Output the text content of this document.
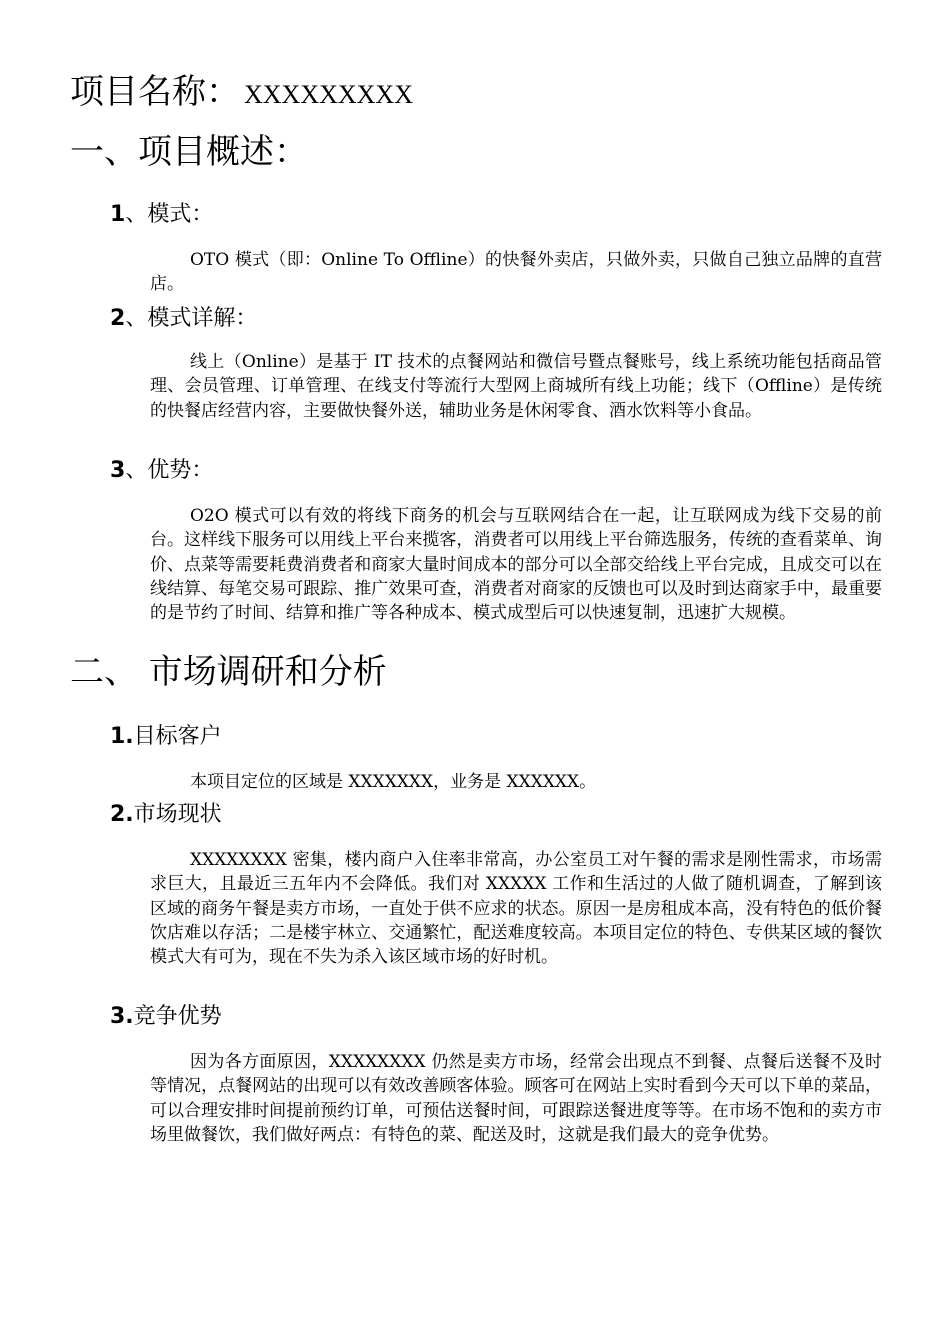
项目名称： XXXXXXXXX
一、项目概述：
1、模式：

OTO 模式（即：Online To Offline）的快餐外卖店，只做外卖，只做自己独立品牌的直营店。

2、模式详解：

线上（Online）是基于 IT 技术的点餐网站和微信号暨点餐账号，线上系统功能包括商品管理、会员管理、订单管理、在线支付等流行大型网上商城所有线上功能；线下（Offline）是传统的快餐店经营内容，主要做快餐外送，辅助业务是休闲零食、酒水饮料等小食品。

3、优势：

O2O 模式可以有效的将线下商务的机会与互联网结合在一起，让互联网成为线下交易的前台。这样线下服务可以用线上平台来揽客，消费者可以用线上平台筛选服务，传统的查看菜单、询价、点菜等需要耗费消费者和商家大量时间成本的部分可以全部交给线上平台完成，且成交可以在线结算、每笔交易可跟踪、推广效果可查，消费者对商家的反馈也可以及时到达商家手中，最重要的是节约了时间、结算和推广等各种成本、模式成型后可以快速复制，迅速扩大规模。

二、 市场调研和分析
1.目标客户

本项目定位的区域是 XXXXXXX，业务是 XXXXXX。

2.市场现状

XXXXXXXX 密集，楼内商户入住率非常高，办公室员工对午餐的需求是刚性需求，市场需求巨大，且最近三五年内不会降低。我们对 XXXXX 工作和生活过的人做了随机调查，了解到该区域的商务午餐是卖方市场，一直处于供不应求的状态。原因一是房租成本高，没有特色的低价餐饮店难以存活；二是楼宇林立、交通繁忙，配送难度较高。本项目定位的特色、专供某区域的餐饮模式大有可为，现在不失为杀入该区域市场的好时机。

3.竞争优势

因为各方面原因，XXXXXXXX 仍然是卖方市场，经常会出现点不到餐、点餐后送餐不及时等情况，点餐网站的出现可以有效改善顾客体验。顾客可在网站上实时看到今天可以下单的菜品，可以合理安排时间提前预约订单，可预估送餐时间，可跟踪送餐进度等等。在市场不饱和的卖方市场里做餐饮，我们做好两点：有特色的菜、配送及时，这就是我们最大的竞争优势。
